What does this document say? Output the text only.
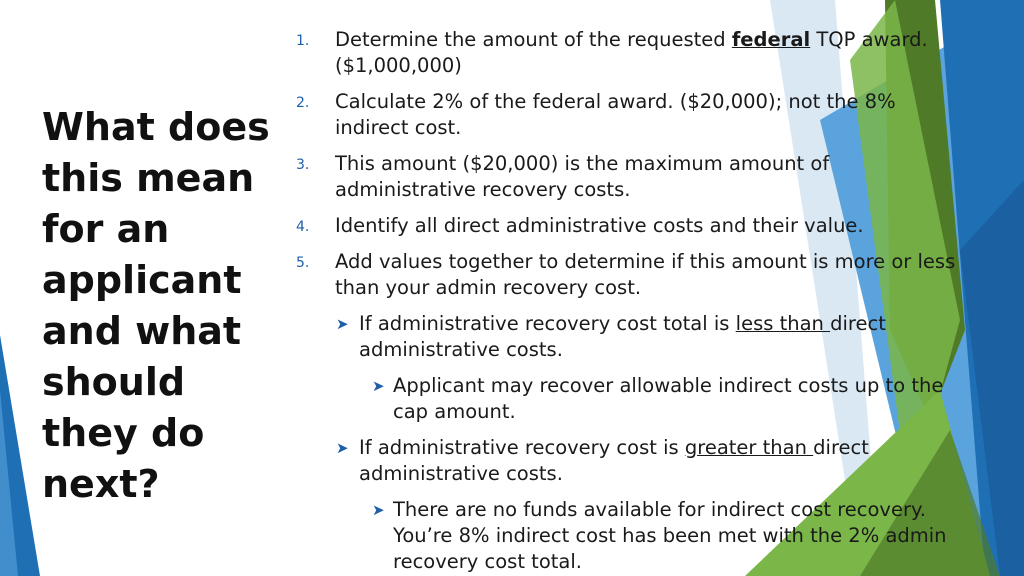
What does this mean for an applicant and what should they do next?
1. Determine the amount of the requested federal TQP award. ($1,000,000)
2. Calculate 2% of the federal award. ($20,000); not the 8% indirect cost.
3. This amount ($20,000) is the maximum amount of administrative recovery costs.
4. Identify all direct administrative costs and their value.
5. Add values together to determine if this amount is more or less than your admin recovery cost.
➤ If administrative recovery cost total is less than direct administrative costs.
➤ Applicant may recover allowable indirect costs up to the cap amount.
➤ If administrative recovery cost is greater than direct administrative costs.
➤ There are no funds available for indirect cost recovery. You’re 8% indirect cost has been met with the 2% admin recovery cost total.
